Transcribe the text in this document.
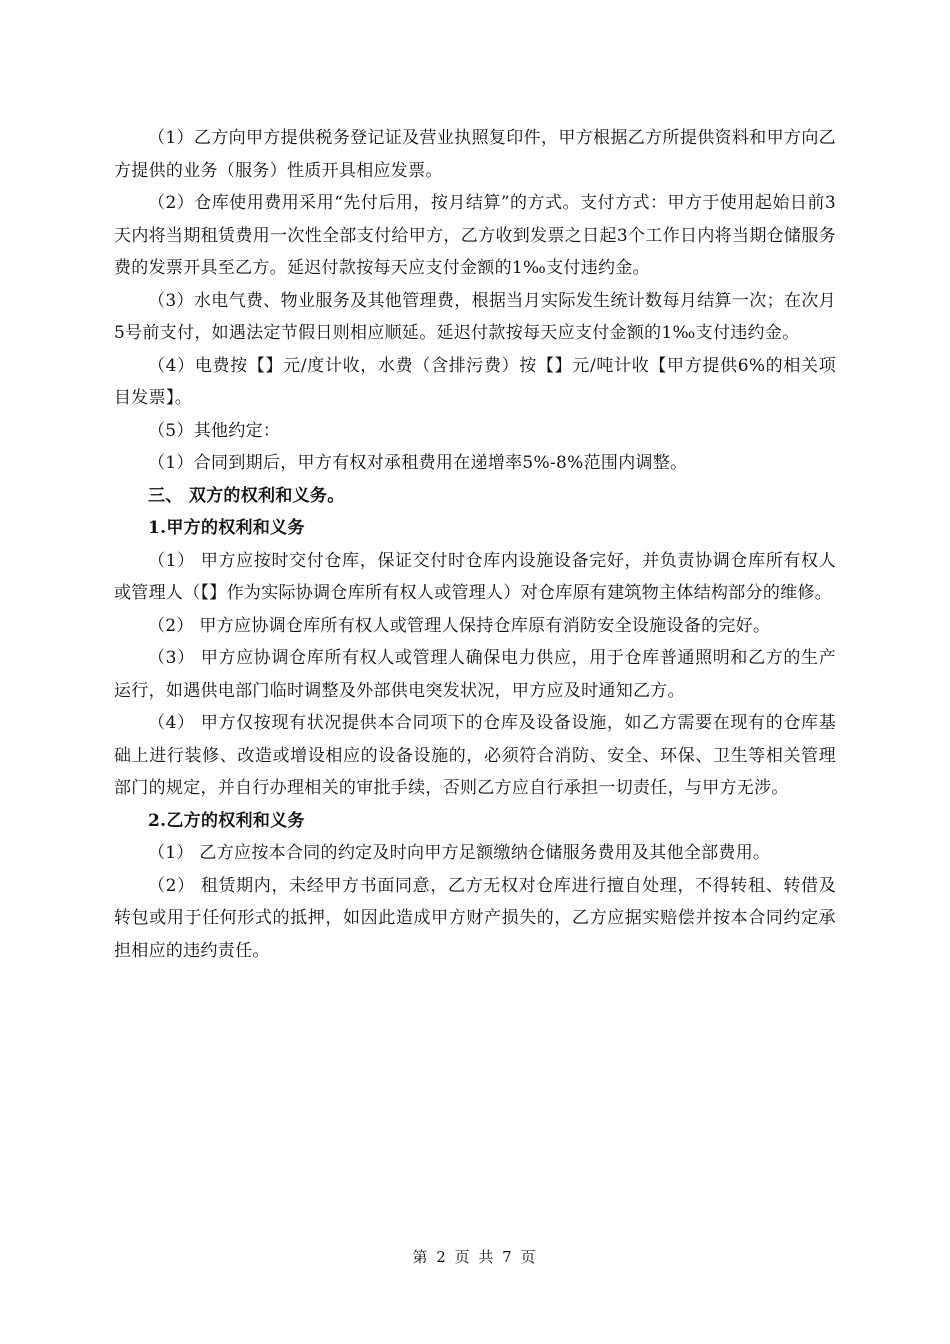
（1）乙方向甲方提供税务登记证及营业执照复印件，甲方根据乙方所提供资料和甲方向乙方提供的业务（服务）性质开具相应发票。

（2）仓库使用费用采用“先付后用，按月结算”的方式。支付方式：甲方于使用起始日前3天内将当期租赁费用一次性全部支付给甲方，乙方收到发票之日起3个工作日内将当期仓储服务费的发票开具至乙方。延迟付款按每天应支付金额的1‰支付违约金。

（3）水电气费、物业服务及其他管理费，根据当月实际发生统计数每月结算一次；在次月5号前支付，如遇法定节假日则相应顺延。延迟付款按每天应支付金额的1‰支付违约金。

（4）电费按【】元/度计收，水费（含排污费）按【】元/吨计收【甲方提供6%的相关项目发票】。

（5）其他约定：

（1）合同到期后，甲方有权对承租费用在递增率5%-8%范围内调整。

三、 双方的权利和义务。

1.甲方的权利和义务

（1） 甲方应按时交付仓库，保证交付时仓库内设施设备完好，并负责协调仓库所有权人或管理人（【】作为实际协调仓库所有权人或管理人）对仓库原有建筑物主体结构部分的维修。

（2） 甲方应协调仓库所有权人或管理人保持仓库原有消防安全设施设备的完好。

（3） 甲方应协调仓库所有权人或管理人确保电力供应，用于仓库普通照明和乙方的生产运行，如遇供电部门临时调整及外部供电突发状况，甲方应及时通知乙方。

（4） 甲方仅按现有状况提供本合同项下的仓库及设备设施，如乙方需要在现有的仓库基础上进行装修、改造或增设相应的设备设施的，必须符合消防、安全、环保、卫生等相关管理部门的规定，并自行办理相关的审批手续，否则乙方应自行承担一切责任，与甲方无涉。

2.乙方的权利和义务

（1） 乙方应按本合同的约定及时向甲方足额缴纳仓储服务费用及其他全部费用。

（2） 租赁期内，未经甲方书面同意，乙方无权对仓库进行擅自处理，不得转租、转借及转包或用于任何形式的抵押，如因此造成甲方财产损失的，乙方应据实赔偿并按本合同约定承担相应的违约责任。

第 2 页 共 7 页
